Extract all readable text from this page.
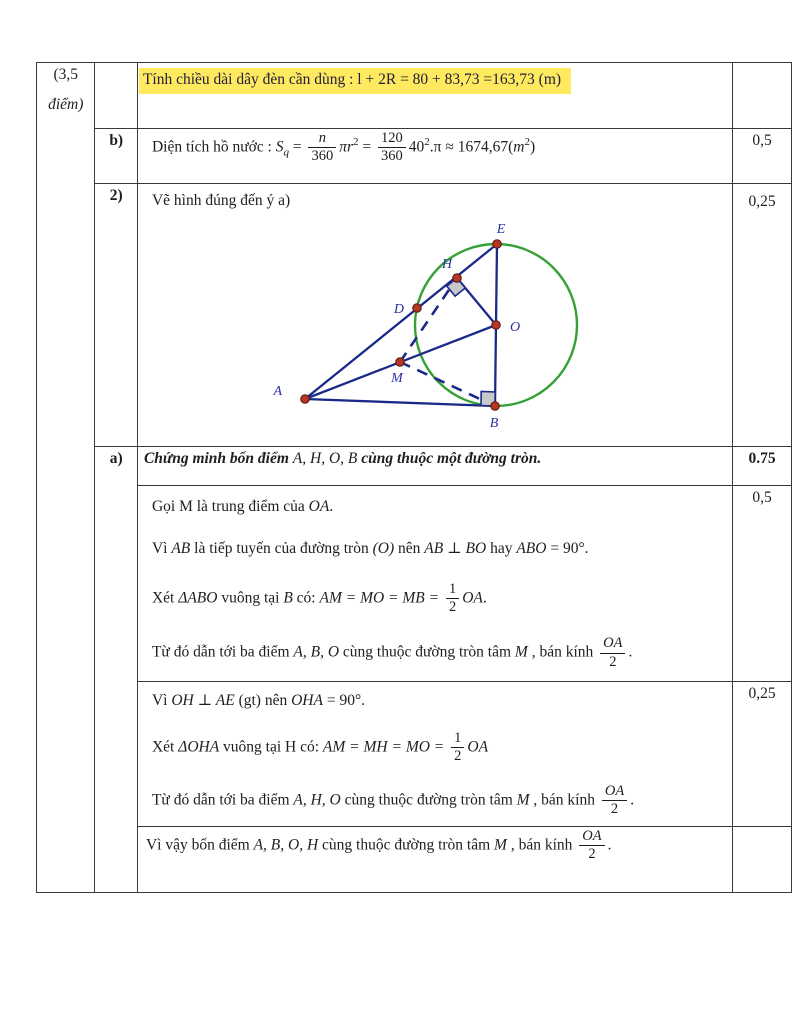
(3,5
điểm)		Tính chiều dài dây đèn cần dùng : l + 2R = 80 + 83,73 =163,73 (m)	
b)	Diện tích hồ nước : $S_q = \frac{n}{360} \pi r^2 = \frac{120}{360} 40^2.\pi \approx 1674,67(m^2)$	0,5
2)	Vẽ hình đúng đến ý a)

A
B
D
E
H
M
O
	0,25
	a)	Chứng minh bốn điểm A, H, O, B cùng thuộc một đường tròn.	0.75

Gọi M là trung điểm của OA.

Vì AB là tiếp tuyến của đường tròn (O) nên AB ⊥ BO hay ABO = 90°.

Xét ΔABO vuông tại B có: AM = MO = MB = $\frac{1}{2}$ OA.

Từ đó dẫn tới ba điểm A, B, O cùng thuộc đường tròn tâm M , bán kính $\frac{OA}{2}$ .

	0,5

Vì OH ⊥ AE (gt) nên OHA = 90°.

Xét ΔOHA vuông tại H có: AM = MH = MO = $\frac{1}{2}$ OA

Từ đó dẫn tới ba điểm A, H, O cùng thuộc đường tròn tâm M , bán kính $\frac{OA}{2}$ .

	0,25

		Vì vậy bốn điểm A, B, O, H cùng thuộc đường tròn tâm M , bán kính $\frac{OA}{2}$ .	
